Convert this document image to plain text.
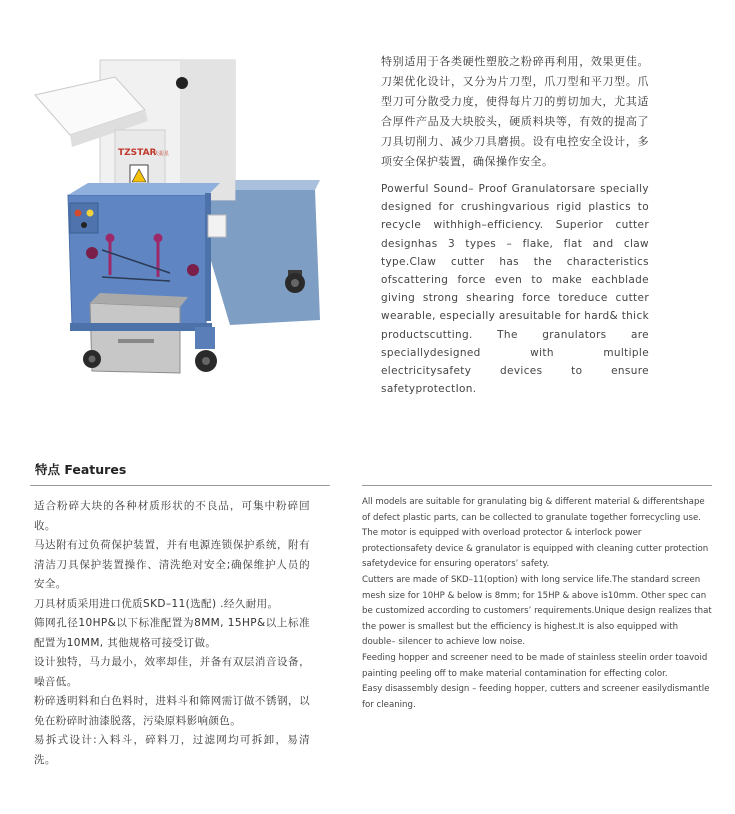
TZSTAR
天振星

特别适用于各类硬性塑胶之粉碎再利用，效果更佳。刀架优化设计，又分为片刀型，爪刀型和平刀型。爪型刀可分散受力度，使得每片刀的剪切加大，尤其适合厚件产品及大块胶头，硬质料块等，有效的提高了刀具切削力、减少刀具磨损。设有电控安全设计，多项安全保护装置，确保操作安全。

Powerful Sound– Proof Granulatorsare specially designed for crushingvarious rigid plastics to recycle withhigh–efficiency. Superior cutter designhas 3 types – flake, flat and claw type.Claw cutter has the characteristics ofscattering force even to make eachblade giving strong shearing force toreduce cutter wearable, especially aresuitable for hard& thick productscutting. The granulators are speciallydesigned with multiple electricitysafety devices to ensure safetyprotectIon.

特点 Features
适合粉碎大块的各种材质形状的不良品，可集中粉碎回收。
马达附有过负荷保护装置，并有电源连锁保护系统，附有清洁刀具保护装置操作、清洗绝对安全;确保维护人员的安全。
刀具材质采用进口优质SKD–11(选配) .经久耐用。
筛网孔径10HP&以下标准配置为8MM, 15HP&以上标准配置为10MM, 其他规格可接受订做。
设计独特，马力最小，效率却佳，并备有双层消音设备，噪音低。
粉碎透明料和白色料时，进料斗和筛网需订做不锈钢，以免在粉碎时油漆脱落，污染原料影响颜色。
易拆式设计:入料斗，碎料刀，过滤网均可拆卸，易清洗。
All models are suitable for granulating big & different material & differentshape of defect plastic parts, can be collected to granulate together forrecycling use.
The motor is equipped with overload protector & interlock power protectionsafety device & granulator is equipped with cleaning cutter protection safetydevice for ensuring operators’ safety.
Cutters are made of SKD–11(option) with long service life.The standard screen mesh size for 10HP & below is 8mm; for 15HP & above is10mm. Other spec can be customized according to customers’ requirements.Unique design realizes that the power is smallest but the efficiency is highest.It is also equipped with double– silencer to achieve low noise.
Feeding hopper and screener need to be made of stainless steelin order toavoid painting peeling off to make material contamination for effecting color.
Easy disassembly design – feeding hopper, cutters and screener easilydismantle for cleaning.
